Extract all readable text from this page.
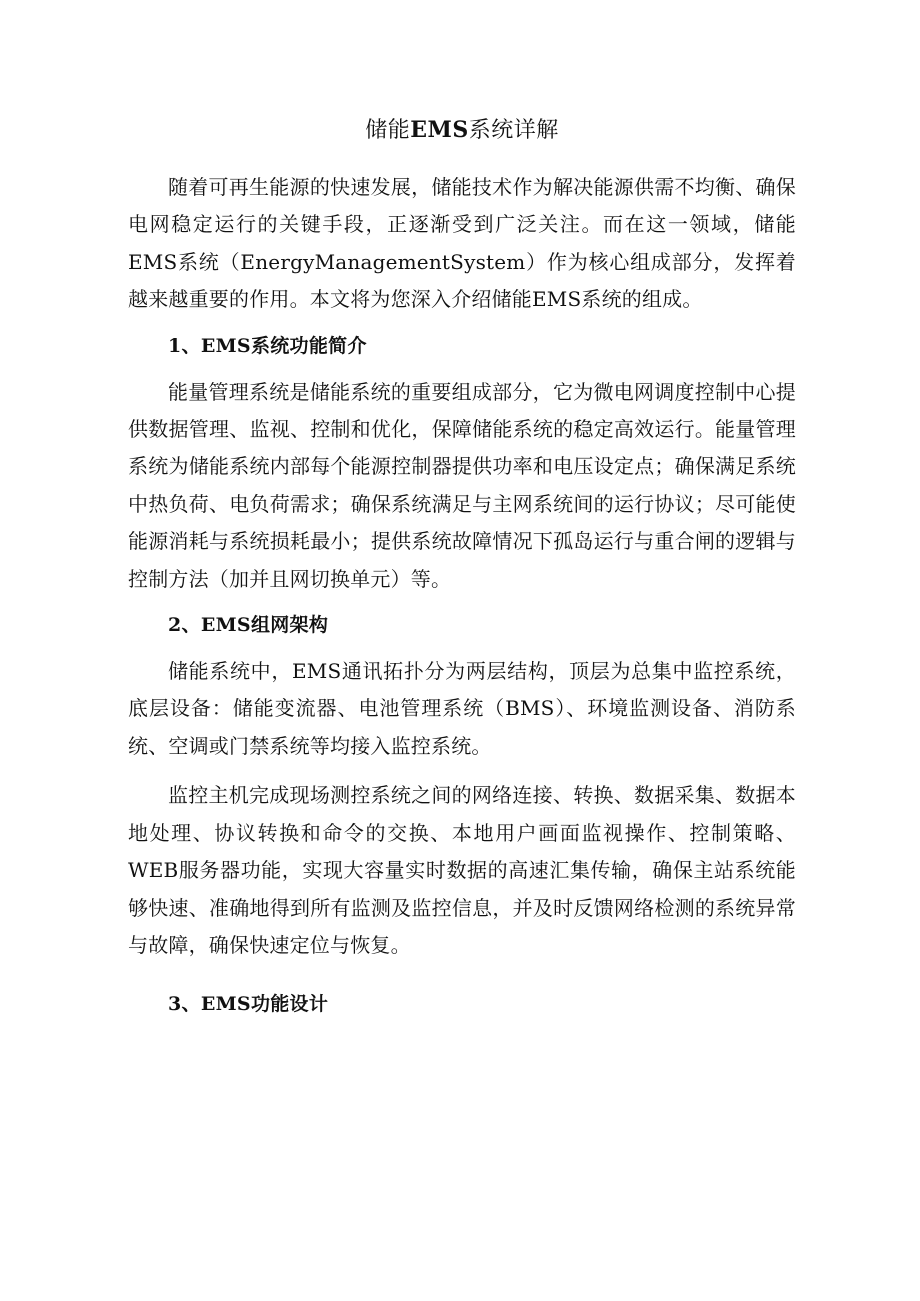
储能EMS系统详解

随着可再生能源的快速发展，储能技术作为解决能源供需不均衡、确保电网稳定运行的关键手段，正逐渐受到广泛关注。而在这一领域，储能EMS系统（EnergyManagementSystem）作为核心组成部分，发挥着越来越重要的作用。本文将为您深入介绍储能EMS系统的组成。

1、EMS系统功能简介

能量管理系统是储能系统的重要组成部分，它为微电网调度控制中心提供数据管理、监视、控制和优化，保障储能系统的稳定高效运行。能量管理系统为储能系统内部每个能源控制器提供功率和电压设定点；确保满足系统中热负荷、电负荷需求；确保系统满足与主网系统间的运行协议；尽可能使能源消耗与系统损耗最小；提供系统故障情况下孤岛运行与重合闸的逻辑与控制方法（加并且网切换单元）等。

2、EMS组网架构

储能系统中，EMS通讯拓扑分为两层结构，顶层为总集中监控系统，底层设备：储能变流器、电池管理系统（BMS）、环境监测设备、消防系统、空调或门禁系统等均接入监控系统。

监控主机完成现场测控系统之间的网络连接、转换、数据采集、数据本地处理、协议转换和命令的交换、本地用户画面监视操作、控制策略、WEB服务器功能，实现大容量实时数据的高速汇集传输，确保主站系统能够快速、准确地得到所有监测及监控信息，并及时反馈网络检测的系统异常与故障，确保快速定位与恢复。

3、EMS功能设计
